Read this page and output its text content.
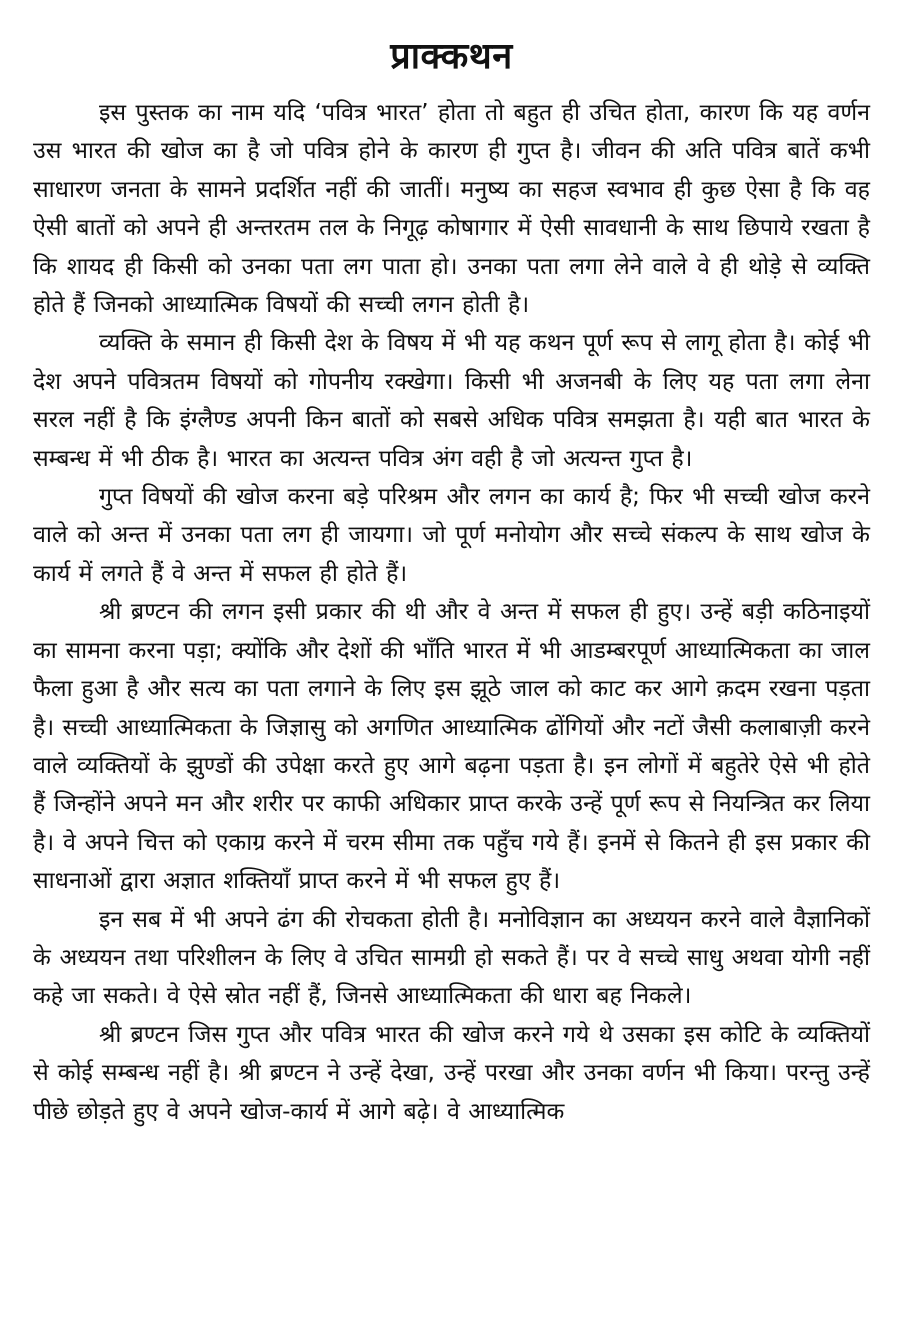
प्राक्कथन

इस पुस्तक का नाम यदि ‘पवित्र भारत’ होता तो बहुत ही उचित होता, कारण कि यह वर्णन उस भारत की खोज का है जो पवित्र होने के कारण ही गुप्त है। जीवन की अति पवित्र बातें कभी साधारण जनता के सामने प्रदर्शित नहीं की जातीं। मनुष्य का सहज स्वभाव ही कुछ ऐसा है कि वह ऐसी बातों को अपने ही अन्तरतम तल के निगूढ़ कोषागार में ऐसी सावधानी के साथ छिपाये रखता है कि शायद ही किसी को उनका पता लग पाता हो। उनका पता लगा लेने वाले वे ही थोड़े से व्यक्ति होते हैं जिनको आध्यात्मिक विषयों की सच्ची लगन होती है।

व्यक्ति के समान ही किसी देश के विषय में भी यह कथन पूर्ण रूप से लागू होता है। कोई भी देश अपने पवित्रतम विषयों को गोपनीय रक्खेगा। किसी भी अजनबी के लिए यह पता लगा लेना सरल नहीं है कि इंग्लैण्ड अपनी किन बातों को सबसे अधिक पवित्र समझता है। यही बात भारत के सम्बन्ध में भी ठीक है। भारत का अत्यन्त पवित्र अंग वही है जो अत्यन्त गुप्त है।

गुप्त विषयों की खोज करना बड़े परिश्रम और लगन का कार्य है; फिर भी सच्ची खोज करने वाले को अन्त में उनका पता लग ही जायगा। जो पूर्ण मनोयोग और सच्चे संकल्प के साथ खोज के कार्य में लगते हैं वे अन्त में सफल ही होते हैं।

श्री ब्रण्टन की लगन इसी प्रकार की थी और वे अन्त में सफल ही हुए। उन्हें बड़ी कठिनाइयों का सामना करना पड़ा; क्योंकि और देशों की भाँति भारत में भी आडम्बरपूर्ण आध्यात्मिकता का जाल फैला हुआ है और सत्य का पता लगाने के लिए इस झूठे जाल को काट कर आगे क़दम रखना पड़ता है। सच्ची आध्यात्मिकता के जिज्ञासु को अगणित आध्यात्मिक ढोंगियों और नटों जैसी कलाबाज़ी करने वाले व्यक्तियों के झुण्डों की उपेक्षा करते हुए आगे बढ़ना पड़ता है। इन लोगों में बहुतेरे ऐसे भी होते हैं जिन्होंने अपने मन और शरीर पर काफी अधिकार प्राप्त करके उन्हें पूर्ण रूप से नियन्त्रित कर लिया है। वे अपने चित्त को एकाग्र करने में चरम सीमा तक पहुँच गये हैं। इनमें से कितने ही इस प्रकार की साधनाओं द्वारा अज्ञात शक्तियाँ प्राप्त करने में भी सफल हुए हैं।

इन सब में भी अपने ढंग की रोचकता होती है। मनोविज्ञान का अध्ययन करने वाले वैज्ञानिकों के अध्ययन तथा परिशीलन के लिए वे उचित सामग्री हो सकते हैं। पर वे सच्चे साधु अथवा योगी नहीं कहे जा सकते। वे ऐसे स्रोत नहीं हैं, जिनसे आध्यात्मिकता की धारा बह निकले।

श्री ब्रण्टन जिस गुप्त और पवित्र भारत की खोज करने गये थे उसका इस कोटि के व्यक्तियों से कोई सम्बन्ध नहीं है। श्री ब्रण्टन ने उन्हें देखा, उन्हें परखा और उनका वर्णन भी किया। परन्तु उन्हें पीछे छोड़ते हुए वे अपने खोज-कार्य में आगे बढ़े। वे आध्यात्मिक
